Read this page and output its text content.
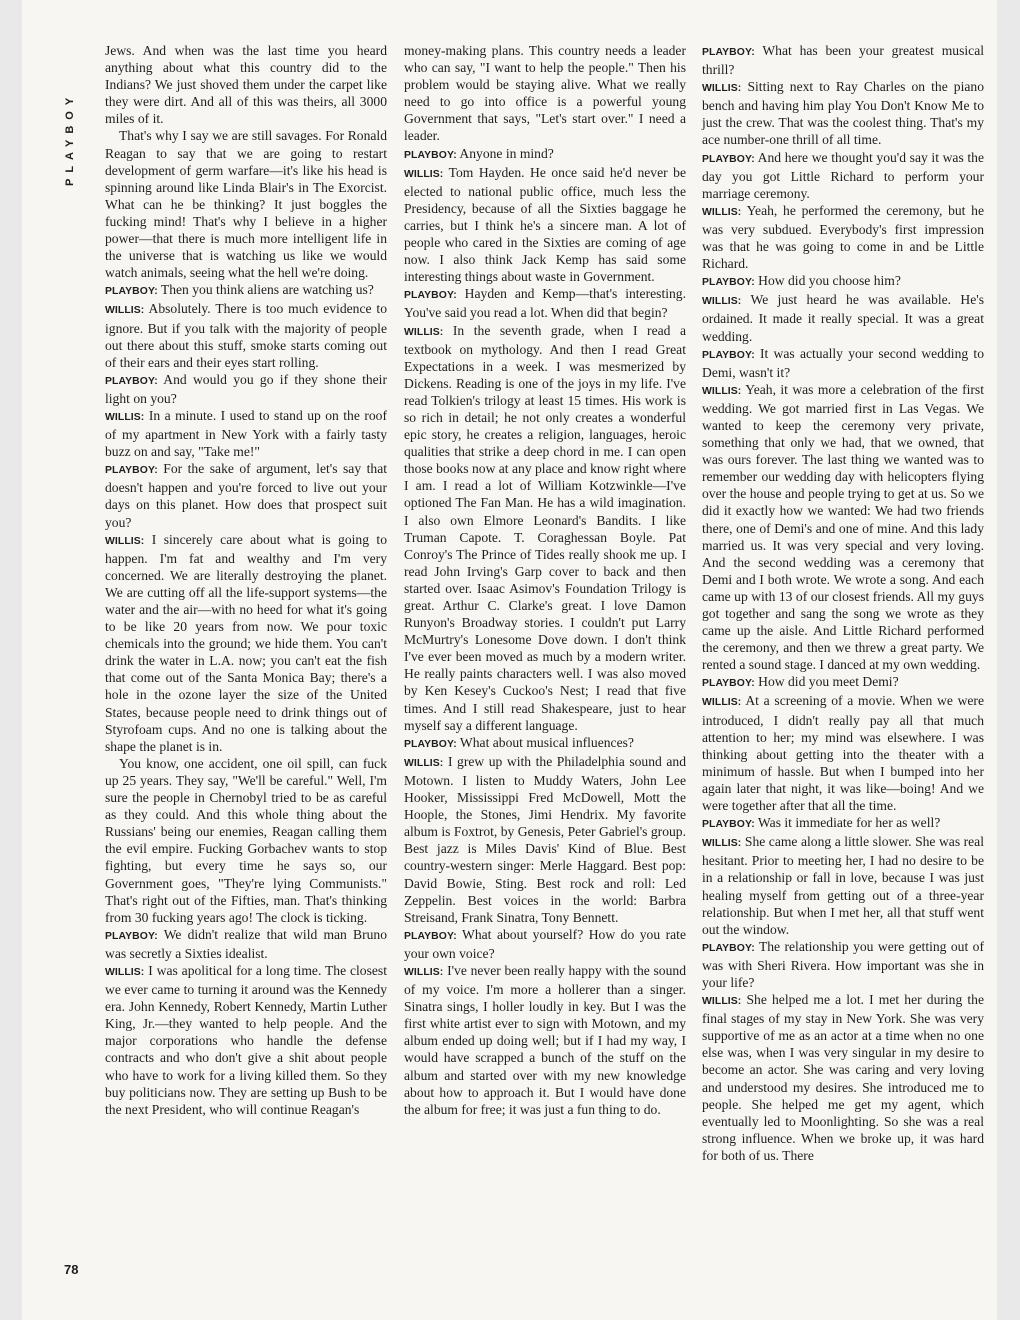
PLAYBOY

Jews. And when was the last time you heard anything about what this country did to the Indians? We just shoved them under the carpet like they were dirt. And all of this was theirs, all 3000 miles of it.

That's why I say we are still savages. For Ronald Reagan to say that we are going to restart development of germ warfare—it's like his head is spinning around like Linda Blair's in The Exorcist. What can he be thinking? It just boggles the fucking mind! That's why I believe in a higher power—that there is much more intelligent life in the universe that is watching us like we would watch animals, seeing what the hell we're doing.

PLAYBOY: Then you think aliens are watching us?

WILLIS: Absolutely. There is too much evidence to ignore. But if you talk with the majority of people out there about this stuff, smoke starts coming out of their ears and their eyes start rolling.

PLAYBOY: And would you go if they shone their light on you?

WILLIS: In a minute. I used to stand up on the roof of my apartment in New York with a fairly tasty buzz on and say, "Take me!"

PLAYBOY: For the sake of argument, let's say that doesn't happen and you're forced to live out your days on this planet. How does that prospect suit you?

WILLIS: I sincerely care about what is going to happen. I'm fat and wealthy and I'm very concerned. We are literally destroying the planet. We are cutting off all the life-support systems—the water and the air—with no heed for what it's going to be like 20 years from now. We pour toxic chemicals into the ground; we hide them. You can't drink the water in L.A. now; you can't eat the fish that come out of the Santa Monica Bay; there's a hole in the ozone layer the size of the United States, because people need to drink things out of Styrofoam cups. And no one is talking about the shape the planet is in.

You know, one accident, one oil spill, can fuck up 25 years. They say, "We'll be careful." Well, I'm sure the people in Chernobyl tried to be as careful as they could. And this whole thing about the Russians' being our enemies, Reagan calling them the evil empire. Fucking Gorbachev wants to stop fighting, but every time he says so, our Government goes, "They're lying Communists." That's right out of the Fifties, man. That's thinking from 30 fucking years ago! The clock is ticking.

PLAYBOY: We didn't realize that wild man Bruno was secretly a Sixties idealist.

WILLIS: I was apolitical for a long time. The closest we ever came to turning it around was the Kennedy era. John Kennedy, Robert Kennedy, Martin Luther King, Jr.—they wanted to help people. And the major corporations who handle the defense contracts and who don't give a shit about people who have to work for a living killed them. So they buy politicians now. They are setting up Bush to be the next President, who will continue Reagan's

money-making plans. This country needs a leader who can say, "I want to help the people." Then his problem would be staying alive. What we really need to go into office is a powerful young Government that says, "Let's start over." I need a leader.

PLAYBOY: Anyone in mind?

WILLIS: Tom Hayden. He once said he'd never be elected to national public office, much less the Presidency, because of all the Sixties baggage he carries, but I think he's a sincere man. A lot of people who cared in the Sixties are coming of age now. I also think Jack Kemp has said some interesting things about waste in Government.

PLAYBOY: Hayden and Kemp—that's interesting. You've said you read a lot. When did that begin?

WILLIS: In the seventh grade, when I read a textbook on mythology. And then I read Great Expectations in a week. I was mesmerized by Dickens. Reading is one of the joys in my life. I've read Tolkien's trilogy at least 15 times. His work is so rich in detail; he not only creates a wonderful epic story, he creates a religion, languages, heroic qualities that strike a deep chord in me. I can open those books now at any place and know right where I am. I read a lot of William Kotzwinkle—I've optioned The Fan Man. He has a wild imagination. I also own Elmore Leonard's Bandits. I like Truman Capote. T. Coraghessan Boyle. Pat Conroy's The Prince of Tides really shook me up. I read John Irving's Garp cover to back and then started over. Isaac Asimov's Foundation Trilogy is great. Arthur C. Clarke's great. I love Damon Runyon's Broadway stories. I couldn't put Larry McMurtry's Lonesome Dove down. I don't think I've ever been moved as much by a modern writer. He really paints characters well. I was also moved by Ken Kesey's Cuckoo's Nest; I read that five times. And I still read Shakespeare, just to hear myself say a different language.

PLAYBOY: What about musical influences?

WILLIS: I grew up with the Philadelphia sound and Motown. I listen to Muddy Waters, John Lee Hooker, Mississippi Fred McDowell, Mott the Hoople, the Stones, Jimi Hendrix. My favorite album is Foxtrot, by Genesis, Peter Gabriel's group. Best jazz is Miles Davis' Kind of Blue. Best country-western singer: Merle Haggard. Best pop: David Bowie, Sting. Best rock and roll: Led Zeppelin. Best voices in the world: Barbra Streisand, Frank Sinatra, Tony Bennett.

PLAYBOY: What about yourself? How do you rate your own voice?

WILLIS: I've never been really happy with the sound of my voice. I'm more a hollerer than a singer. Sinatra sings, I holler loudly in key. But I was the first white artist ever to sign with Motown, and my album ended up doing well; but if I had my way, I would have scrapped a bunch of the stuff on the album and started over with my new knowledge about how to approach it. But I would have done the album for free; it was just a fun thing to do.

PLAYBOY: What has been your greatest musical thrill?

WILLIS: Sitting next to Ray Charles on the piano bench and having him play You Don't Know Me to just the crew. That was the coolest thing. That's my ace number-one thrill of all time.

PLAYBOY: And here we thought you'd say it was the day you got Little Richard to perform your marriage ceremony.

WILLIS: Yeah, he performed the ceremony, but he was very subdued. Everybody's first impression was that he was going to come in and be Little Richard.

PLAYBOY: How did you choose him?

WILLIS: We just heard he was available. He's ordained. It made it really special. It was a great wedding.

PLAYBOY: It was actually your second wedding to Demi, wasn't it?

WILLIS: Yeah, it was more a celebration of the first wedding. We got married first in Las Vegas. We wanted to keep the ceremony very private, something that only we had, that we owned, that was ours forever. The last thing we wanted was to remember our wedding day with helicopters flying over the house and people trying to get at us. So we did it exactly how we wanted: We had two friends there, one of Demi's and one of mine. And this lady married us. It was very special and very loving. And the second wedding was a ceremony that Demi and I both wrote. We wrote a song. And each came up with 13 of our closest friends. All my guys got together and sang the song we wrote as they came up the aisle. And Little Richard performed the ceremony, and then we threw a great party. We rented a sound stage. I danced at my own wedding.

PLAYBOY: How did you meet Demi?

WILLIS: At a screening of a movie. When we were introduced, I didn't really pay all that much attention to her; my mind was elsewhere. I was thinking about getting into the theater with a minimum of hassle. But when I bumped into her again later that night, it was like—boing! And we were together after that all the time.

PLAYBOY: Was it immediate for her as well?

WILLIS: She came along a little slower. She was real hesitant. Prior to meeting her, I had no desire to be in a relationship or fall in love, because I was just healing myself from getting out of a three-year relationship. But when I met her, all that stuff went out the window.

PLAYBOY: The relationship you were getting out of was with Sheri Rivera. How important was she in your life?

WILLIS: She helped me a lot. I met her during the final stages of my stay in New York. She was very supportive of me as an actor at a time when no one else was, when I was very singular in my desire to become an actor. She was caring and very loving and understood my desires. She introduced me to people. She helped me get my agent, which eventually led to Moonlighting. So she was a real strong influence. When we broke up, it was hard for both of us. There

78
